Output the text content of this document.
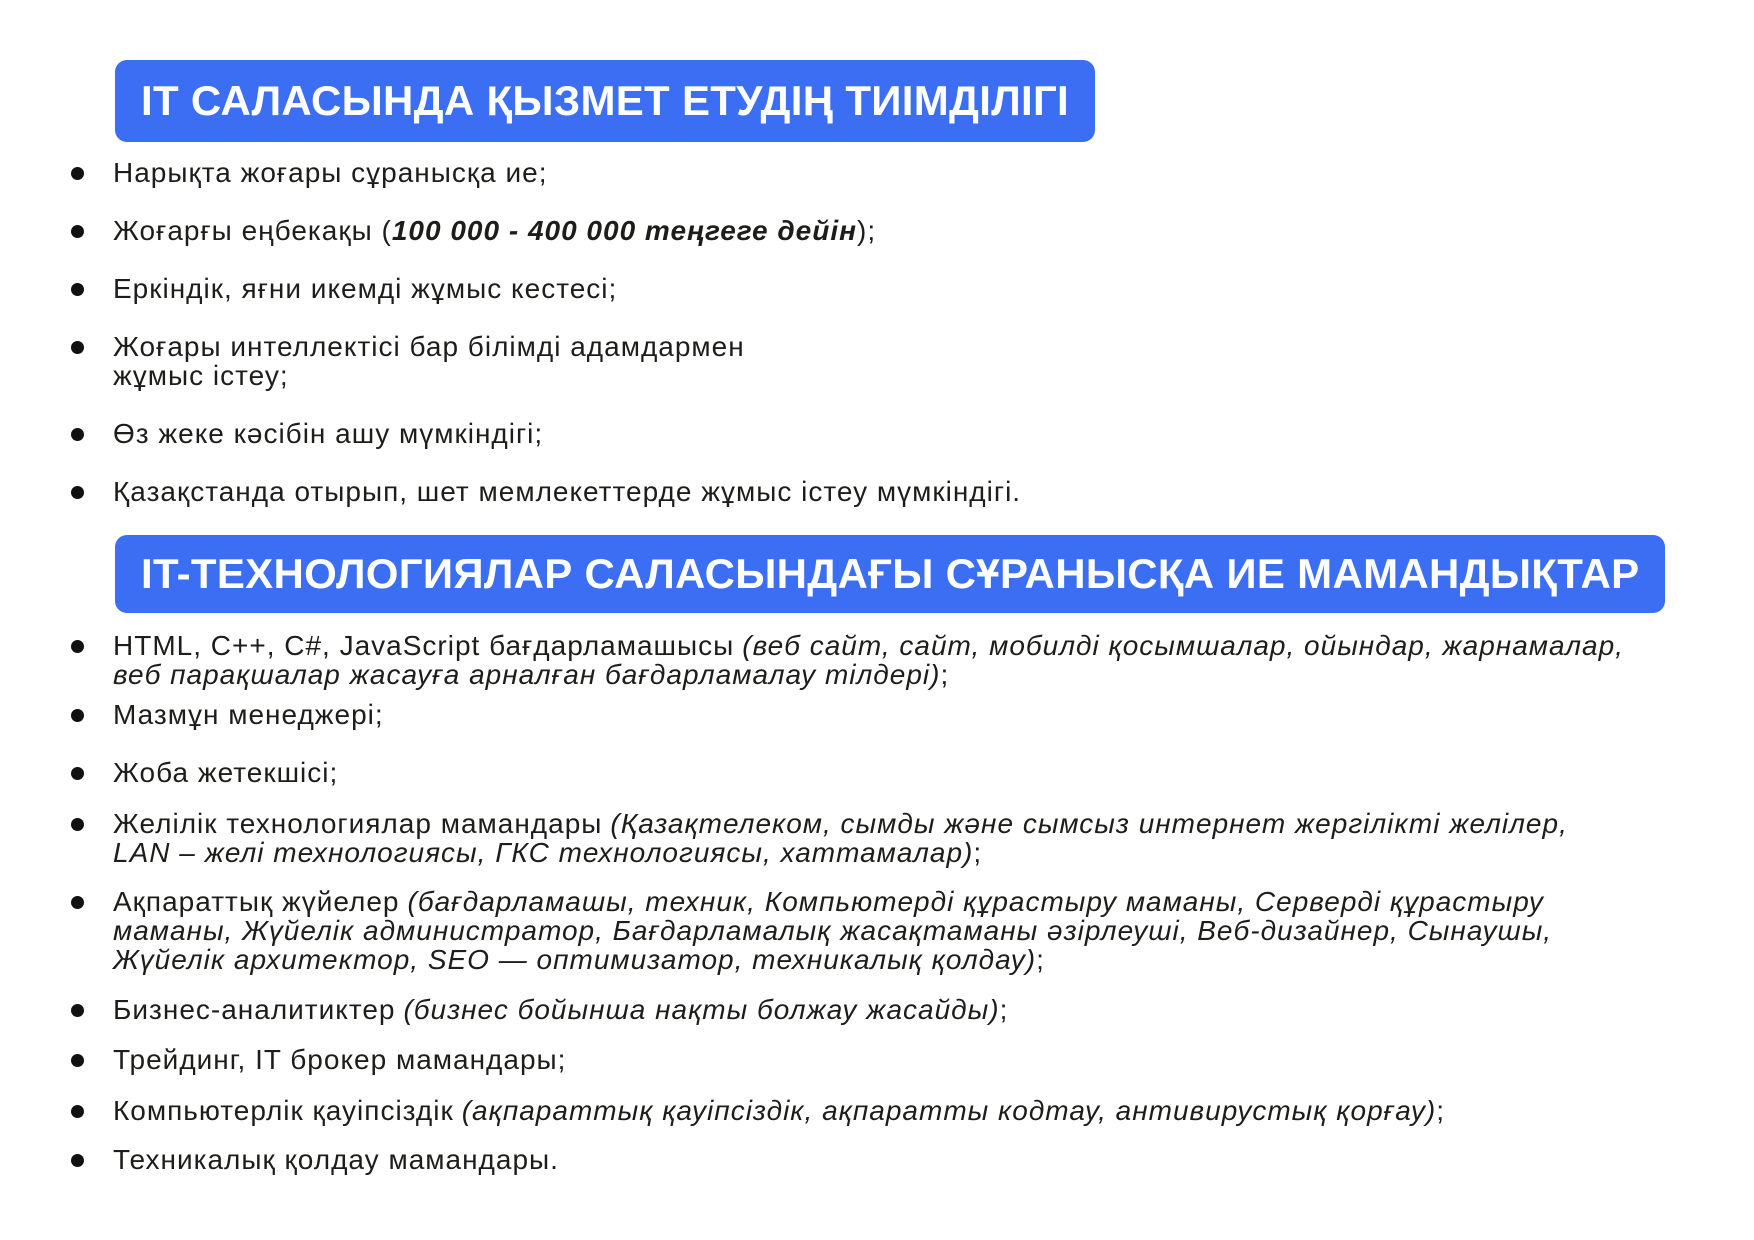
IT САЛАСЫНДА ҚЫЗМЕТ ЕТУДІҢ ТИІМДІЛІГІ
Нарықта жоғары сұранысқа ие;
Жоғарғы еңбекақы (100 000 - 400 000 теңгеге дейін);
Еркіндік, яғни икемді жұмыс кестесі;
Жоғары интеллектісі бар білімді адамдармен
жұмыс істеу;
Өз жеке кәсібін ашу мүмкіндігі;
Қазақстанда отырып, шет мемлекеттерде жұмыс істеу мүмкіндігі.
IT-ТЕХНОЛОГИЯЛАР САЛАСЫНДАҒЫ СҰРАНЫСҚА ИЕ МАМАНДЫҚТАР
HTML, C++, C#, JavaScript бағдарламашысы (веб сайт, сайт, мобилді қосымшалар, ойындар, жарнамалар,
веб парақшалар жасауға арналған бағдарламалау тілдері);
Мазмұн менеджері;
Жоба жетекшісі;
Желілік технологиялар мамандары (Қазақтелеком, сымды және сымсыз интернет жергілікті желілер,
LAN – желі технологиясы, ГКС технологиясы, хаттамалар);
Ақпараттық жүйелер (бағдарламашы, техник, Компьютерді құрастыру маманы, Серверді құрастыру
маманы, Жүйелік администратор, Бағдарламалық жасақтаманы әзірлеуші, Веб-дизайнер, Сынаушы,
Жүйелік архитектор, SEO — оптимизатор, техникалық қолдау);
Бизнес-аналитиктер (бизнес бойынша нақты болжау жасайды);
Трейдинг, IT брокер мамандары;
Компьютерлік қауіпсіздік (ақпараттық қауіпсіздік, ақпаратты кодтау, антивирустық қорғау);
Техникалық қолдау мамандары.
